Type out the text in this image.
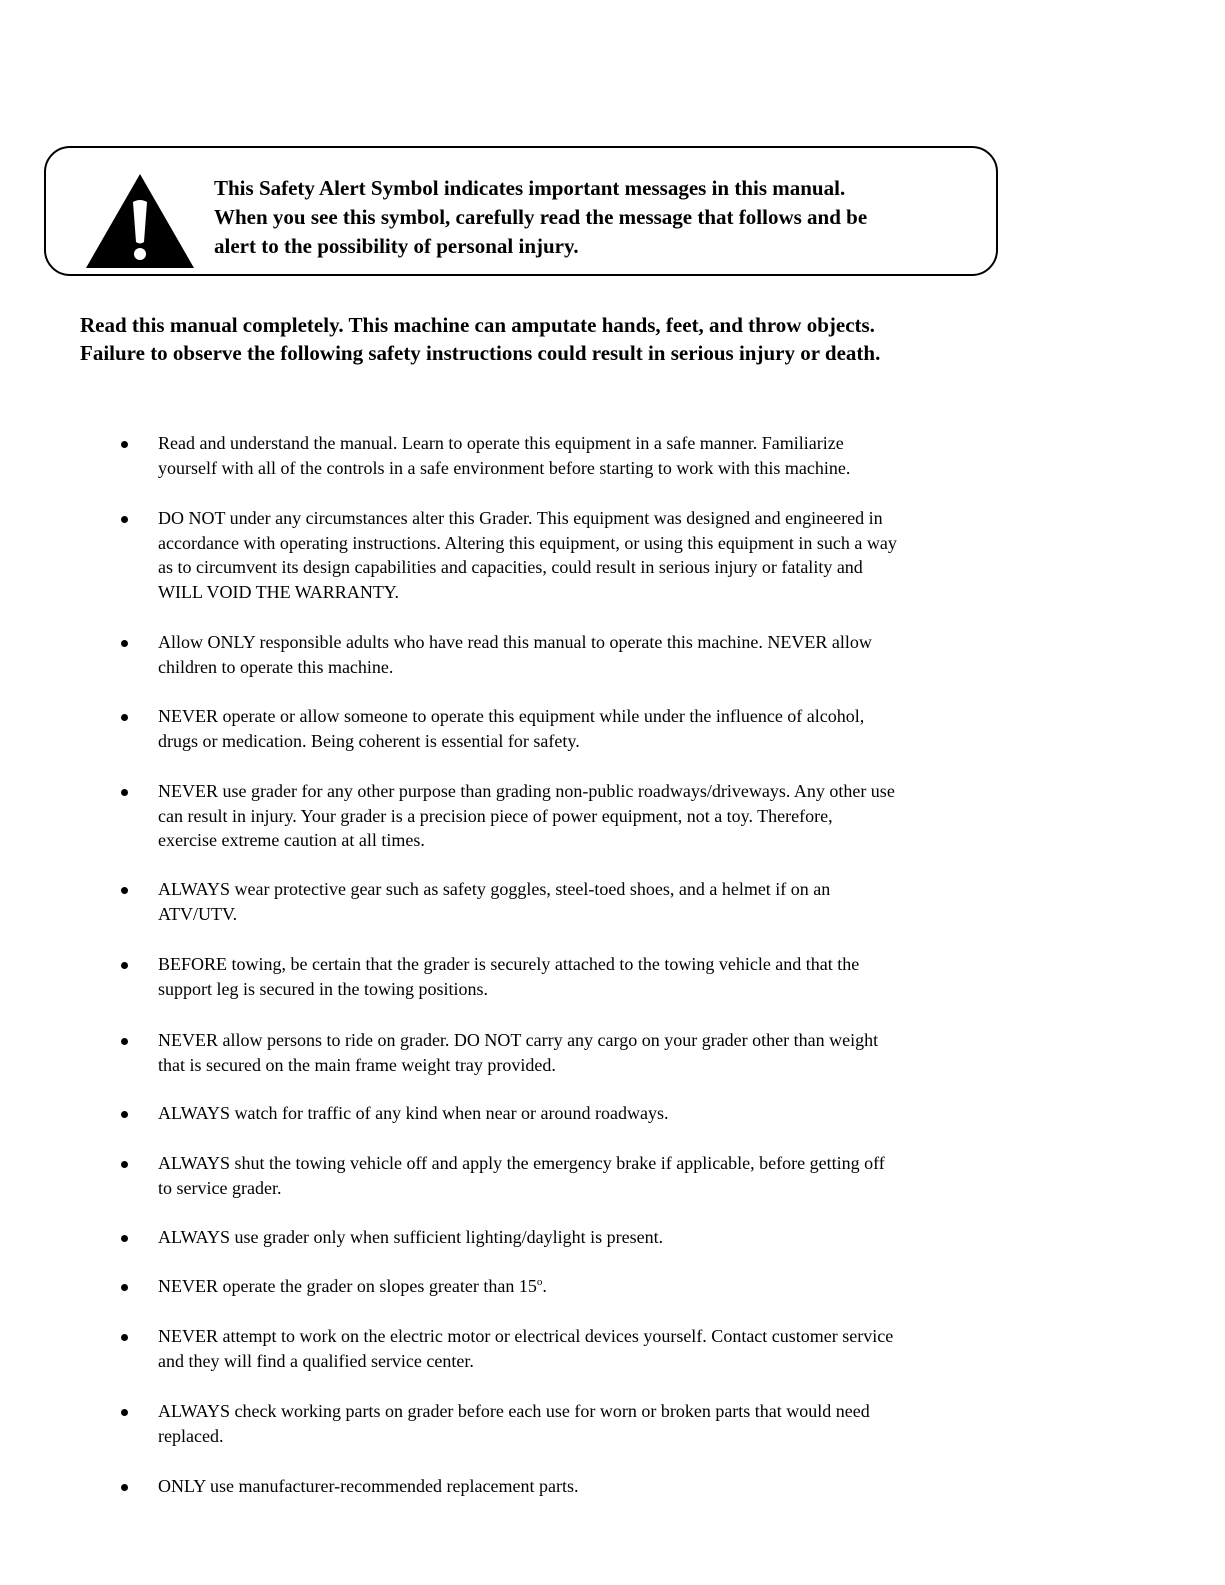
This Safety Alert Symbol indicates important messages in this manual.
When you see this symbol, carefully read the message that follows and be
alert to the possibility of personal injury.

Read this manual completely. This machine can amputate hands, feet, and throw objects.
Failure to observe the following safety instructions could result in serious injury or death.

Read and understand the manual. Learn to operate this equipment in a safe manner. Familiarize
yourself with all of the controls in a safe environment before starting to work with this machine.
DO NOT under any circumstances alter this Grader. This equipment was designed and engineered in
accordance with operating instructions. Altering this equipment, or using this equipment in such a way
as to circumvent its design capabilities and capacities, could result in serious injury or fatality and
WILL VOID THE WARRANTY.
Allow ONLY responsible adults who have read this manual to operate this machine. NEVER allow
children to operate this machine.
NEVER operate or allow someone to operate this equipment while under the influence of alcohol,
drugs or medication. Being coherent is essential for safety.
NEVER use grader for any other purpose than grading non-public roadways/driveways. Any other use
can result in injury. Your grader is a precision piece of power equipment, not a toy. Therefore,
exercise extreme caution at all times.
ALWAYS wear protective gear such as safety goggles, steel-toed shoes, and a helmet if on an
ATV/UTV.
BEFORE towing, be certain that the grader is securely attached to the towing vehicle and that the
support leg is secured in the towing positions.
NEVER allow persons to ride on grader. DO NOT carry any cargo on your grader other than weight
that is secured on the main frame weight tray provided.
ALWAYS watch for traffic of any kind when near or around roadways.
ALWAYS shut the towing vehicle off and apply the emergency brake if applicable, before getting off
to service grader.
ALWAYS use grader only when sufficient lighting/daylight is present.
NEVER operate the grader on slopes greater than 15$^o$.
NEVER attempt to work on the electric motor or electrical devices yourself. Contact customer service
and they will find a qualified service center.
ALWAYS check working parts on grader before each use for worn or broken parts that would need
replaced.
ONLY use manufacturer-recommended replacement parts.
